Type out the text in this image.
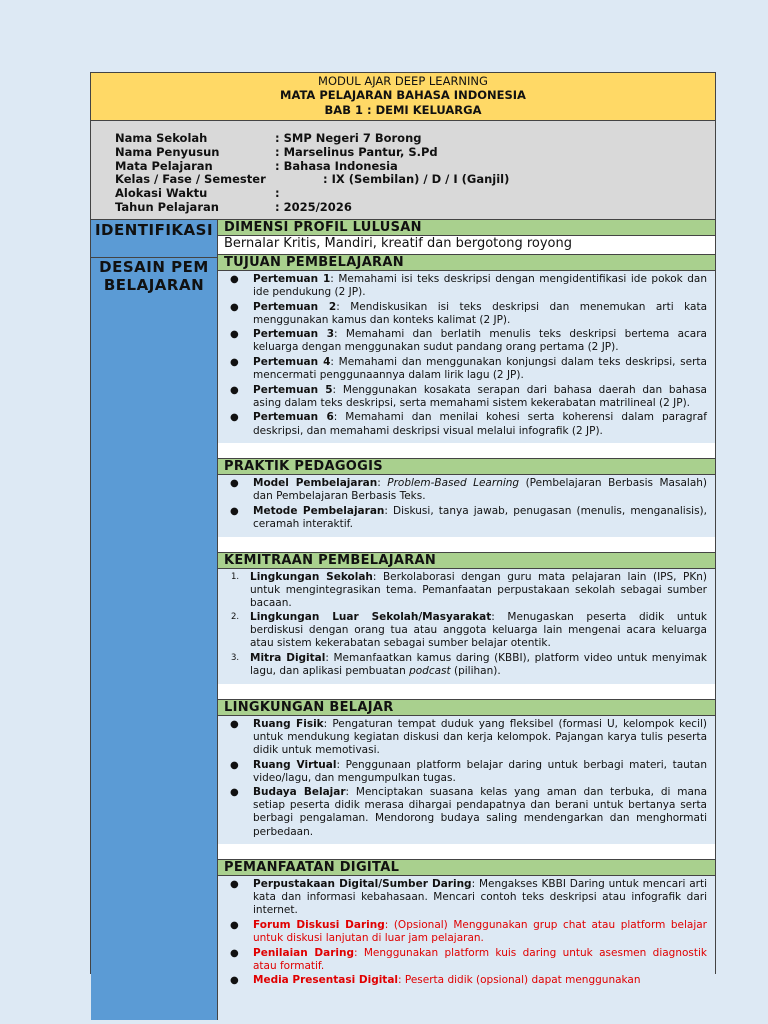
MODUL AJAR DEEP LEARNING
MATA PELAJARAN BAHASA INDONESIA
BAB 1 : DEMI KELUARGA
Nama Sekolah	: SMP Negeri 7 Borong
Nama Penyusun	: Marselinus Pantur, S.Pd
Mata Pelajaran	: Bahasa Indonesia
Kelas / Fase / Semester	: IX (Sembilan) / D / I (Ganjil)
Alokasi Waktu	:
Tahun Pelajaran	: 2025/2026
IDENTIFIKASI
DESAIN PEMBELAJARAN
DIMENSI PROFIL LULUSAN
Bernalar Kritis, Mandiri, kreatif dan bergotong royong
TUJUAN PEMBELAJARAN
● Pertemuan 1: Memahami isi teks deskripsi dengan mengidentifikasi ide pokok dan ide pendukung (2 JP).
● Pertemuan 2: Mendiskusikan isi teks deskripsi dan menemukan arti kata menggunakan kamus dan konteks kalimat (2 JP).
● Pertemuan 3: Memahami dan berlatih menulis teks deskripsi bertema acara keluarga dengan menggunakan sudut pandang orang pertama (2 JP).
● Pertemuan 4: Memahami dan menggunakan konjungsi dalam teks deskripsi, serta mencermati penggunaannya dalam lirik lagu (2 JP).
● Pertemuan 5: Menggunakan kosakata serapan dari bahasa daerah dan bahasa asing dalam teks deskripsi, serta memahami sistem kekerabatan matrilineal (2 JP).
● Pertemuan 6: Memahami dan menilai kohesi serta koherensi dalam paragraf deskripsi, dan memahami deskripsi visual melalui infografik (2 JP).
PRAKTIK PEDAGOGIS
● Model Pembelajaran: Problem-Based Learning (Pembelajaran Berbasis Masalah) dan Pembelajaran Berbasis Teks.
● Metode Pembelajaran: Diskusi, tanya jawab, penugasan (menulis, menganalisis), ceramah interaktif.
KEMITRAAN PEMBELAJARAN
1. Lingkungan Sekolah: Berkolaborasi dengan guru mata pelajaran lain (IPS, PKn) untuk mengintegrasikan tema. Pemanfaatan perpustakaan sekolah sebagai sumber bacaan.
2. Lingkungan Luar Sekolah/Masyarakat: Menugaskan peserta didik untuk berdiskusi dengan orang tua atau anggota keluarga lain mengenai acara keluarga atau sistem kekerabatan sebagai sumber belajar otentik.
3. Mitra Digital: Memanfaatkan kamus daring (KBBI), platform video untuk menyimak lagu, dan aplikasi pembuatan podcast (pilihan).
LINGKUNGAN BELAJAR
● Ruang Fisik: Pengaturan tempat duduk yang fleksibel (formasi U, kelompok kecil) untuk mendukung kegiatan diskusi dan kerja kelompok. Pajangan karya tulis peserta didik untuk memotivasi.
● Ruang Virtual: Penggunaan platform belajar daring untuk berbagi materi, tautan video/lagu, dan mengumpulkan tugas.
● Budaya Belajar: Menciptakan suasana kelas yang aman dan terbuka, di mana setiap peserta didik merasa dihargai pendapatnya dan berani untuk bertanya serta berbagi pengalaman. Mendorong budaya saling mendengarkan dan menghormati perbedaan.
PEMANFAATAN DIGITAL
● Perpustakaan Digital/Sumber Daring: Mengakses KBBI Daring untuk mencari arti kata dan informasi kebahasaan. Mencari contoh teks deskripsi atau infografik dari internet.
● Forum Diskusi Daring: (Opsional) Menggunakan grup chat atau platform belajar untuk diskusi lanjutan di luar jam pelajaran.
● Penilaian Daring: Menggunakan platform kuis daring untuk asesmen diagnostik atau formatif.
● Media Presentasi Digital: Peserta didik (opsional) dapat menggunakan
